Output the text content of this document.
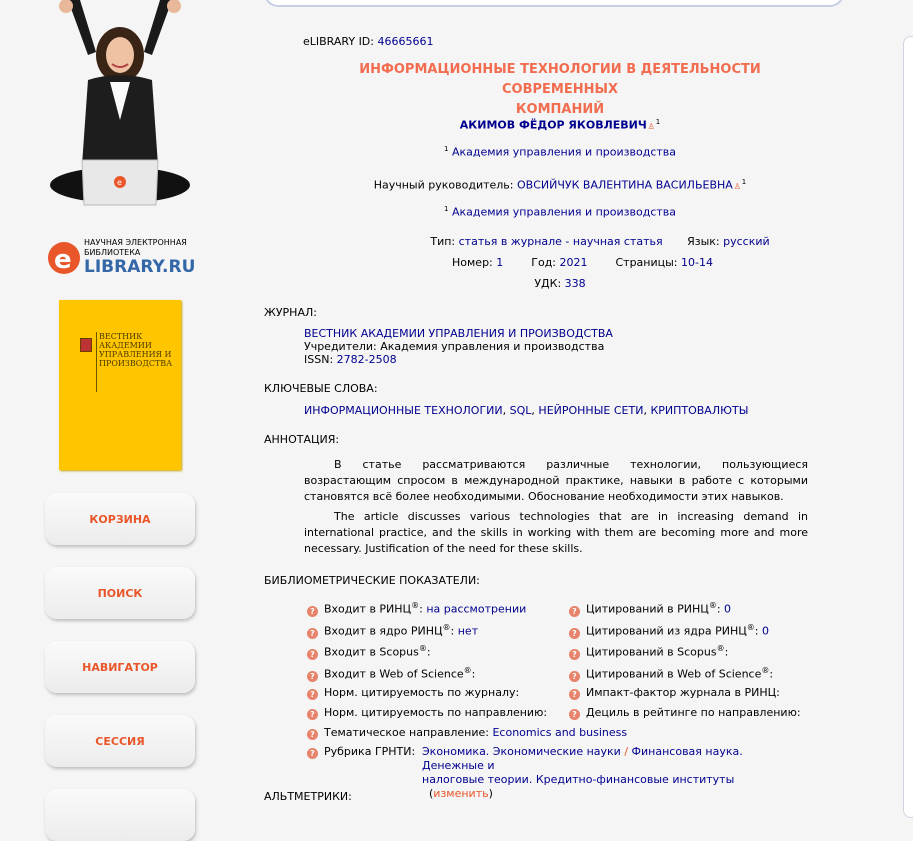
e
e
НАУЧНАЯ ЭЛЕКТРОННАЯ БИБЛИОТЕКА
LIBRARY.RU
ВЕСТНИК АКАДЕМИИ УПРАВЛЕНИЯ И ПРОИЗВОДСТВА
КОРЗИНА
ПОИСК
НАВИГАТОР
СЕССИЯ
eLIBRARY ID: 46665661
ИНФОРМАЦИОННЫЕ ТЕХНОЛОГИИ В ДЕЯТЕЛЬНОСТИ СОВРЕМЕННЫХ
КОМПАНИЙ
АКИМОВ ФЁДОР ЯКОВЛЕВИЧ♙$^1$
$^1$ Академия управления и производства
Научный руководитель: ОВСИЙЧУК ВАЛЕНТИНА ВАСИЛЬЕВНА♙$^1$
$^1$ Академия управления и производства
Тип: статья в журнале - научная статья Язык: русский
Номер: 1	Год: 2021	Страницы: 10-14
УДК: 338
ЖУРНАЛ:
ВЕСТНИК АКАДЕМИИ УПРАВЛЕНИЯ И ПРОИЗВОДСТВА
Учредители: Академия управления и производства
ISSN: 2782-2508
КЛЮЧЕВЫЕ СЛОВА:
ИНФОРМАЦИОННЫЕ ТЕХНОЛОГИИ, SQL, НЕЙРОННЫЕ СЕТИ, КРИПТОВАЛЮТЫ
АННОТАЦИЯ:
В статье рассматриваются различные технологии, пользующиеся возрастающим спросом в международной практике, навыки в работе с которыми становятся всё более необходимыми. Обоснование необходимости этих навыков.
The article discusses various technologies that are in increasing demand in international practice, and the skills in working with them are becoming more and more necessary. Justification of the need for these skills.
БИБЛИОМЕТРИЧЕСКИЕ ПОКАЗАТЕЛИ:
? Входит в РИНЦ®: на рассмотрении
? Входит в ядро РИНЦ®: нет
? Входит в Scopus®:
? Входит в Web of Science®:
? Норм. цитируемость по журналу:
? Норм. цитируемость по направлению:
? Тематическое направление: Economics and business
? Цитирований в РИНЦ®: 0
? Цитирований из ядра РИНЦ®: 0
? Цитирований в Scopus®:
? Цитирований в Web of Science®:
? Импакт-фактор журнала в РИНЦ:
? Дециль в рейтинге по направлению:
? Рубрика ГРНТИ: Экономика. Экономические науки / Финансовая наука. Денежные и
налоговые теории. Кредитно-финансовые институты   (изменить)
АЛЬТМЕТРИКИ:
